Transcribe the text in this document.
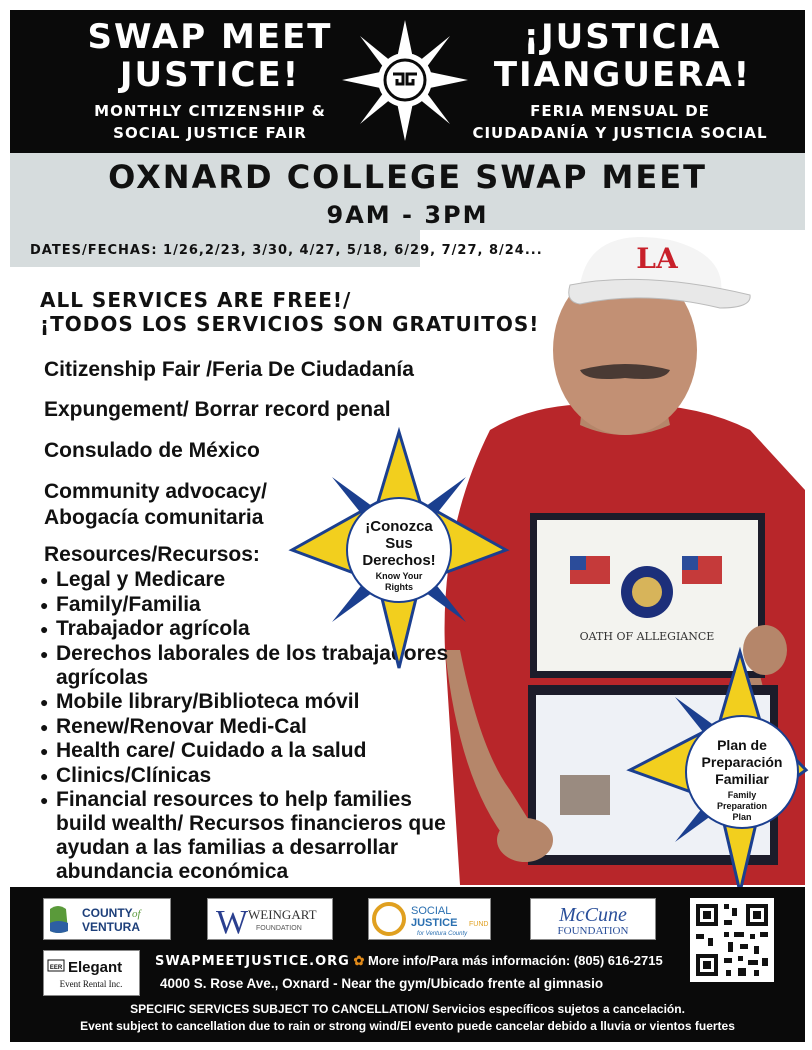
SWAP MEET
JUSTICE!
MONTHLY CITIZENSHIP &
SOCIAL JUSTICE FAIR
¡JUSTICIA
TIANGUERA!
FERIA MENSUAL DE
CIUDADANÍA Y JUSTICIA SOCIAL
OXNARD COLLEGE SWAP MEET
9AM - 3PM
LA
OATH OF ALLEGIANCE
DATES/FECHAS: 1/26,2/23, 3/30, 4/27, 5/18, 6/29, 7/27, 8/24...
ALL SERVICES ARE FREE!/
¡TODOS LOS SERVICIOS SON GRATUITOS!
Citizenship Fair /Feria De Ciudadanía
Expungement/ Borrar record penal
Consulado de México
Community advocacy/
Abogacía comunitaria
Resources/Recursos:
● Legal y Medicare
● Family/Familia
● Trabajador agrícola
● Derechos laborales de los trabajadores agrícolas
● Mobile library/Biblioteca móvil
● Renew/Renovar Medi-Cal
● Health care/ Cuidado a la salud
● Clinics/Clínicas
● Financial resources to help families build wealth/ Recursos financieros que ayudan a las familias a desarrollar abundancia económica
¡Conozca
Sus
Derechos!
Know Your
Rights
Plan de
Preparación
Familiar
Family
Preparation
Plan
COUNTY of
VENTURA W WEINGART
FOUNDATION
SOCIAL
JUSTICE FUND
for Ventura County
McCune
FOUNDATION
EER Elegant
Event Rental Inc.
SWAPMEETJUSTICE.ORG ✿ More info/Para más información: (805) 616-2715
4000 S. Rose Ave., Oxnard - Near the gym/Ubicado frente al gimnasio
SPECIFIC SERVICES SUBJECT TO CANCELLATION/ Servicios específicos sujetos a cancelación.
Event subject to cancellation due to rain or strong wind/El evento puede cancelar debido a lluvia or vientos fuertes
